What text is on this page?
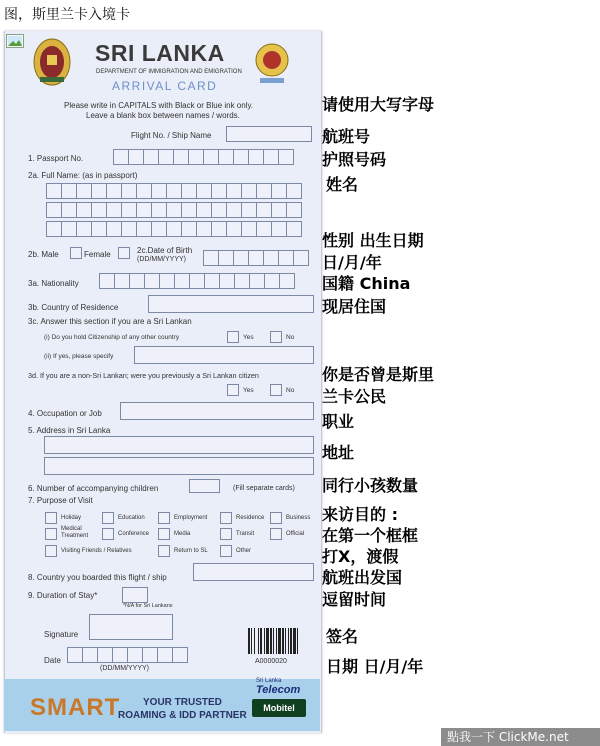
图，斯里兰卡入境卡
SRI LANKA
DEPARTMENT OF IMMIGRATION AND EMIGRATION
ARRIVAL CARD
Please write in CAPITALS with Black or Blue ink only.
Leave a blank box between names / words.
Flight No. / Ship Name
1. Passport No.
2a. Full Name: (as in passport)
2b. Male	Female	2c.Date of Birth
(DD/MM/YYYY)
3a. Nationality
3b. Country of Residence
3c. Answer this section if you are a Sri Lankan
(i) Do you hold Citizenship of any other country	Yes	No
(ii) If yes, please specify
3d. If you are a non-Sri Lankan; were you previously a Sri Lankan citizen
Yes	No
4. Occupation or Job
5. Address in Sri Lanka
6. Number of accompanying children	(Fill separate cards)
7. Purpose of Visit
Holiday	Education	Employment	Residence	Business
Medical Treatment	Conference	Media	Transit	Official
Visiting Friends / Relatives	Return to SL	Other
8. Country you boarded this flight / ship
9. Duration of Stay*
*N/A for Sri Lankans
Signature
Date
(DD/MM/YYYY)
A0000020
SMART YOUR TRUSTED
ROAMING & IDD PARTNER
Sri Lanka
Telecom
Mobitel
请使用大写字母
航班号
护照号码
姓名
性别 出生日期
日/月/年
国籍 China
现居住国
你是否曾是斯里
兰卡公民
职业
地址
同行小孩数量
来访目的 :
在第一个框框
打X，渡假
航班出发国
逗留时间
签名
日期 日/月/年
點我一下 ClickMe.net
